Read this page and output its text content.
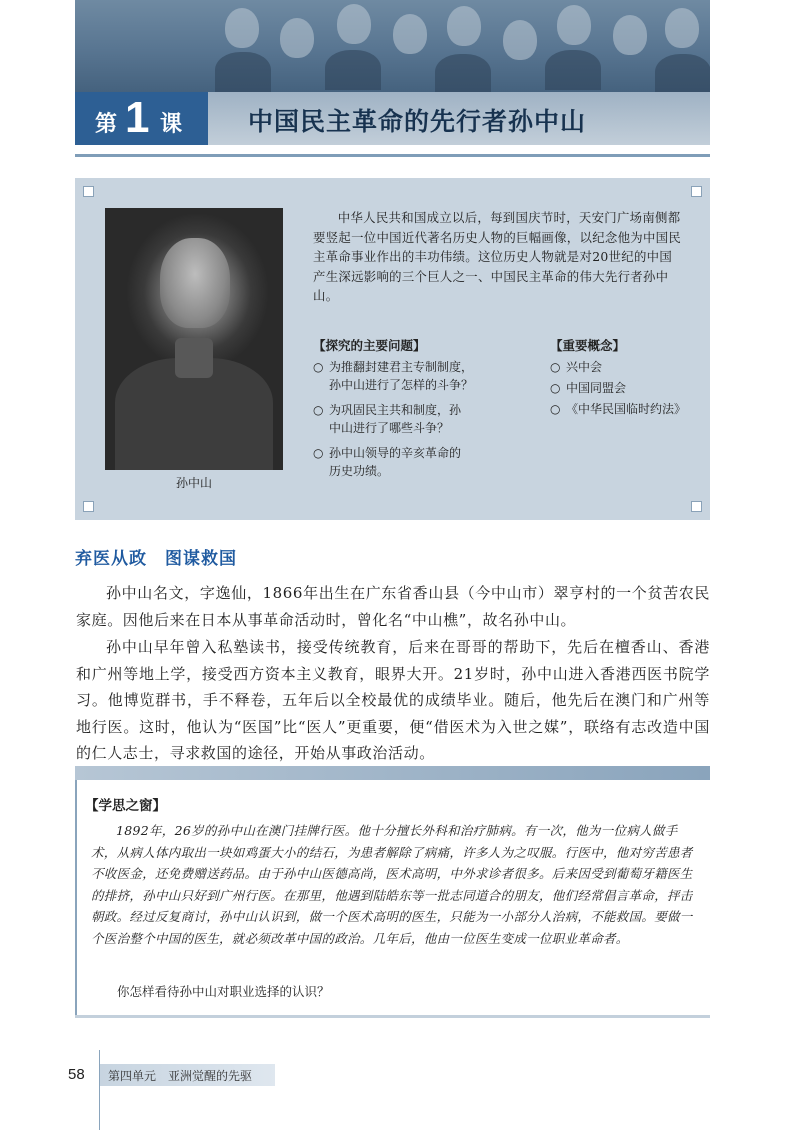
第 1 课	中国民主革命的先行者孙中山
孙中山
中华人民共和国成立以后，每到国庆节时，天安门广场南侧都要竖起一位中国近代著名历史人物的巨幅画像，以纪念他为中国民主革命事业作出的丰功伟绩。这位历史人物就是对20世纪的中国产生深远影响的三个巨人之一、中国民主革命的伟大先行者孙中山。
【探究的主要问题】
○ 为推翻封建君主专制制度，
孙中山进行了怎样的斗争？
○ 为巩固民主共和制度，孙
中山进行了哪些斗争？
○ 孙中山领导的辛亥革命的
历史功绩。
【重要概念】
○ 兴中会
○ 中国同盟会
○ 《中华民国临时约法》
弃医从政　图谋救国
孙中山名文，字逸仙，1866年出生在广东省香山县（今中山市）翠亨村的一个贫苦农民家庭。因他后来在日本从事革命活动时，曾化名“中山樵”，故名孙中山。
孙中山早年曾入私塾读书，接受传统教育，后来在哥哥的帮助下，先后在檀香山、香港和广州等地上学，接受西方资本主义教育，眼界大开。21岁时，孙中山进入香港西医书院学习。他博览群书，手不释卷，五年后以全校最优的成绩毕业。随后，他先后在澳门和广州等地行医。这时，他认为“医国”比“医人”更重要，便“借医术为入世之媒”，联络有志改造中国的仁人志士，寻求救国的途径，开始从事政治活动。
【学思之窗】
1892年，26岁的孙中山在澳门挂牌行医。他十分擅长外科和治疗肺病。有一次，他为一位病人做手术，从病人体内取出一块如鸡蛋大小的结石，为患者解除了病痛，许多人为之叹服。行医中，他对穷苦患者不收医金，还免费赠送药品。由于孙中山医德高尚，医术高明，中外求诊者很多。后来因受到葡萄牙籍医生的排挤，孙中山只好到广州行医。在那里，他遇到陆皓东等一批志同道合的朋友，他们经常倡言革命，抨击朝政。经过反复商讨，孙中山认识到，做一个医术高明的医生，只能为一小部分人治病，不能救国。要做一个医治整个中国的医生，就必须改革中国的政治。几年后，他由一位医生变成一位职业革命者。
你怎样看待孙中山对职业选择的认识？
58 第四单元　亚洲觉醒的先驱
